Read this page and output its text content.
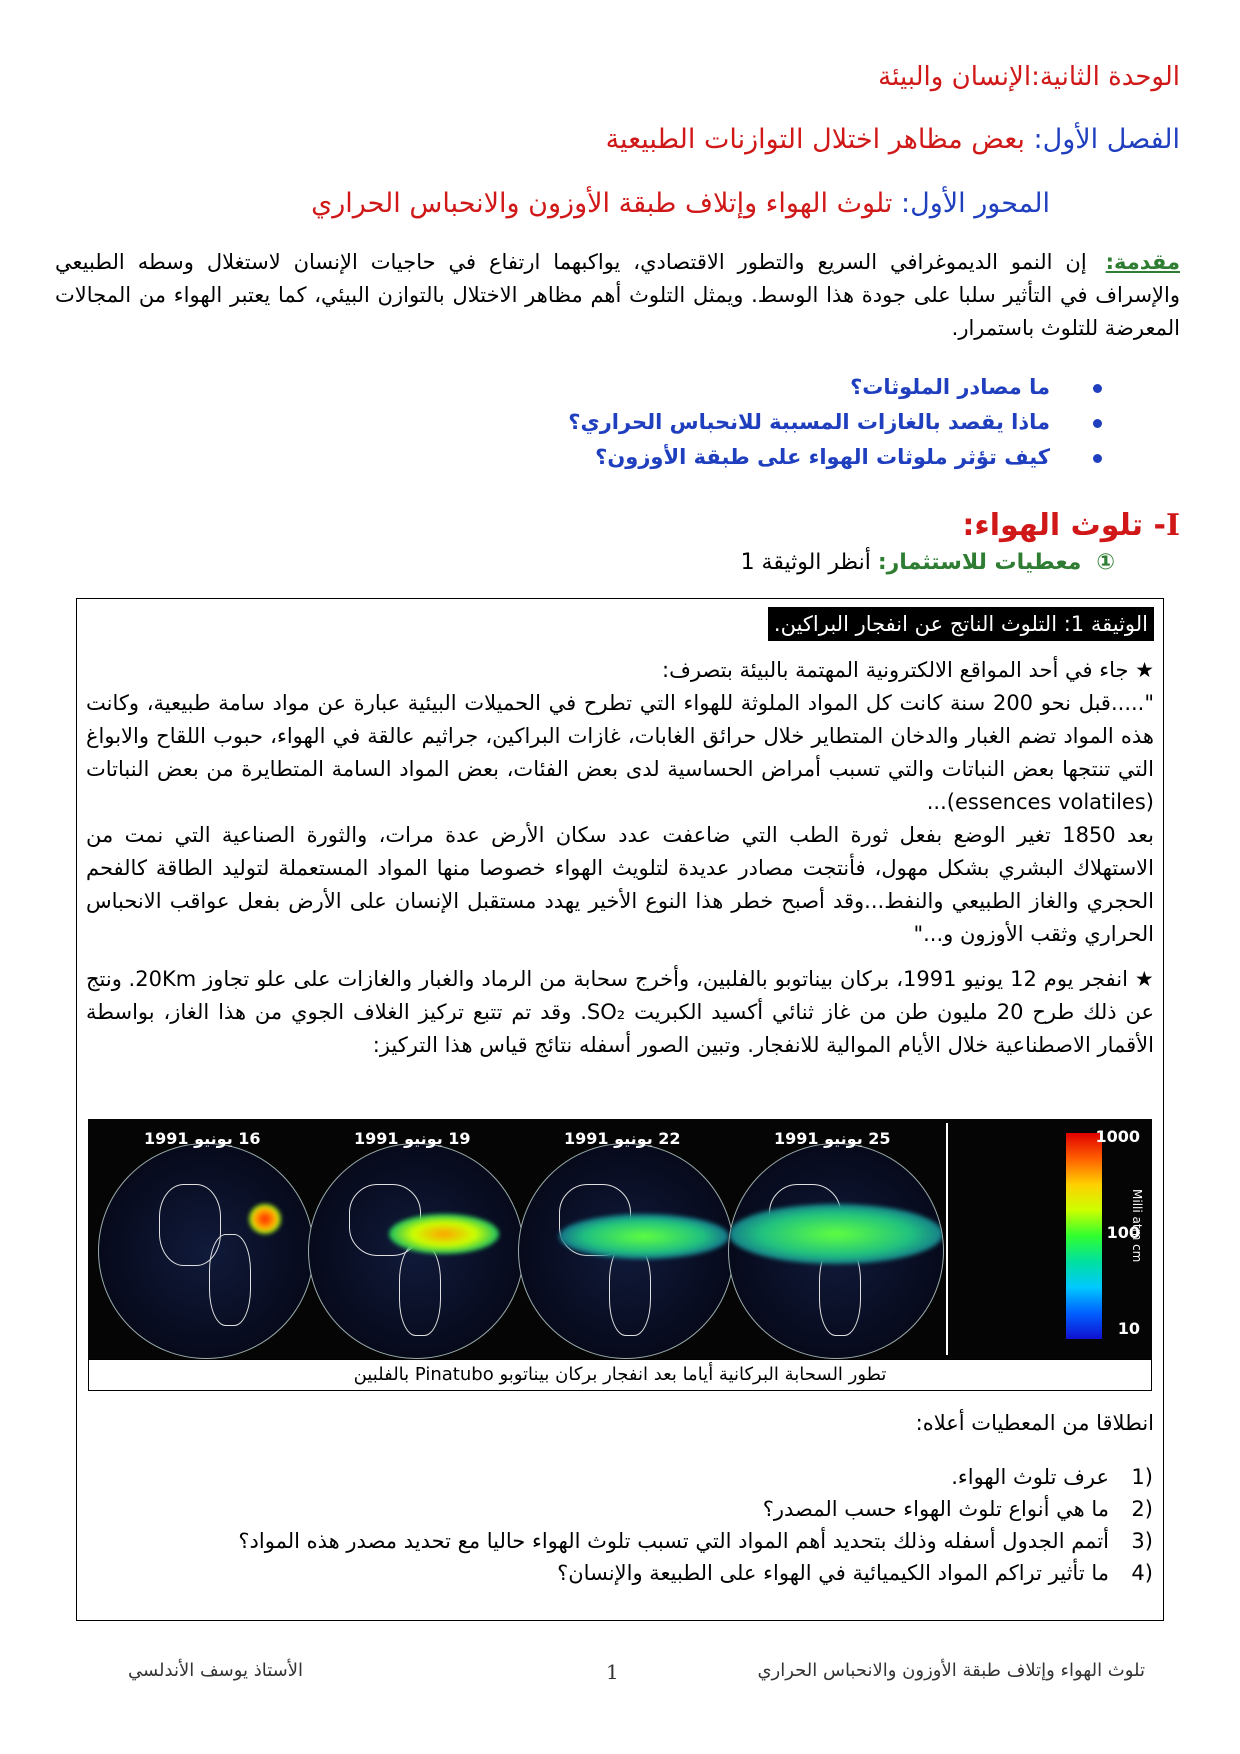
الوحدة الثانية:الإنسان والبيئة
الفصل الأول: بعض مظاهر اختلال التوازنات الطبيعية
المحور الأول: تلوث الهواء وإتلاف طبقة الأوزون والانحباس الحراري
مقدمة: إن النمو الديموغرافي السريع والتطور الاقتصادي، يواكبهما ارتفاع في حاجيات الإنسان لاستغلال وسطه الطبيعي والإسراف في التأثير سلبا على جودة هذا الوسط. ويمثل التلوث أهم مظاهر الاختلال بالتوازن البيئي، كما يعتبر الهواء من المجالات المعرضة للتلوث باستمرار.
ما مصادر الملوثات؟
ماذا يقصد بالغازات المسببة للانحباس الحراري؟
كيف تؤثر ملوثات الهواء على طبقة الأوزون؟
I- تلوث الهواء:
① معطيات للاستثمار: أنظر الوثيقة 1
الوثيقة 1: التلوث الناتج عن انفجار البراكين.

★ جاء في أحد المواقع الالكترونية المهتمة بالبيئة بتصرف:

".....قبل نحو 200 سنة كانت كل المواد الملوثة للهواء التي تطرح في الحميلات البيئية عبارة عن مواد سامة طبيعية، وكانت هذه المواد تضم الغبار والدخان المتطاير خلال حرائق الغابات، غازات البراكين، جراثيم عالقة في الهواء، حبوب اللقاح والابواغ التي تنتجها بعض النباتات والتي تسبب أمراض الحساسية لدى بعض الفئات، بعض المواد السامة المتطايرة من بعض النباتات (essences volatiles)...

بعد 1850 تغير الوضع بفعل ثورة الطب التي ضاعفت عدد سكان الأرض عدة مرات، والثورة الصناعية التي نمت من الاستهلاك البشري بشكل مهول، فأنتجت مصادر عديدة لتلويث الهواء خصوصا منها المواد المستعملة لتوليد الطاقة كالفحم الحجري والغاز الطبيعي والنفط...وقد أصبح خطر هذا النوع الأخير يهدد مستقبل الإنسان على الأرض بفعل عواقب الانحباس الحراري وثقب الأوزون و..."

★ انفجر يوم 12 يونيو 1991، بركان بيناتوبو بالفلبين، وأخرج سحابة من الرماد والغبار والغازات على علو تجاوز 20Km. ونتج عن ذلك طرح 20 مليون طن من غاز ثنائي أكسيد الكبريت SO₂. وقد تم تتبع تركيز الغلاف الجوي من هذا الغاز، بواسطة الأقمار الاصطناعية خلال الأيام الموالية للانفجار. وتبين الصور أسفله نتائج قياس هذا التركيز:

16 يونيو 1991	19 يونيو 1991	22 يونيو 1991	25 يونيو 1991	1000
100
10
Milli atm cm
تطور السحابة البركانية أياما بعد انفجار بركان بيناتوبو Pinatubo بالفلبين
انطلاقا من المعطيات أعلاه:
(1عرف تلوث الهواء.
(2ما هي أنواع تلوث الهواء حسب المصدر؟
(3أتمم الجدول أسفله وذلك بتحديد أهم المواد التي تسبب تلوث الهواء حاليا مع تحديد مصدر هذه المواد؟
(4ما تأثير تراكم المواد الكيميائية في الهواء على الطبيعة والإنسان؟
تلوث الهواء وإتلاف طبقة الأوزون والانحباس الحراري
1
الأستاذ يوسف الأندلسي
